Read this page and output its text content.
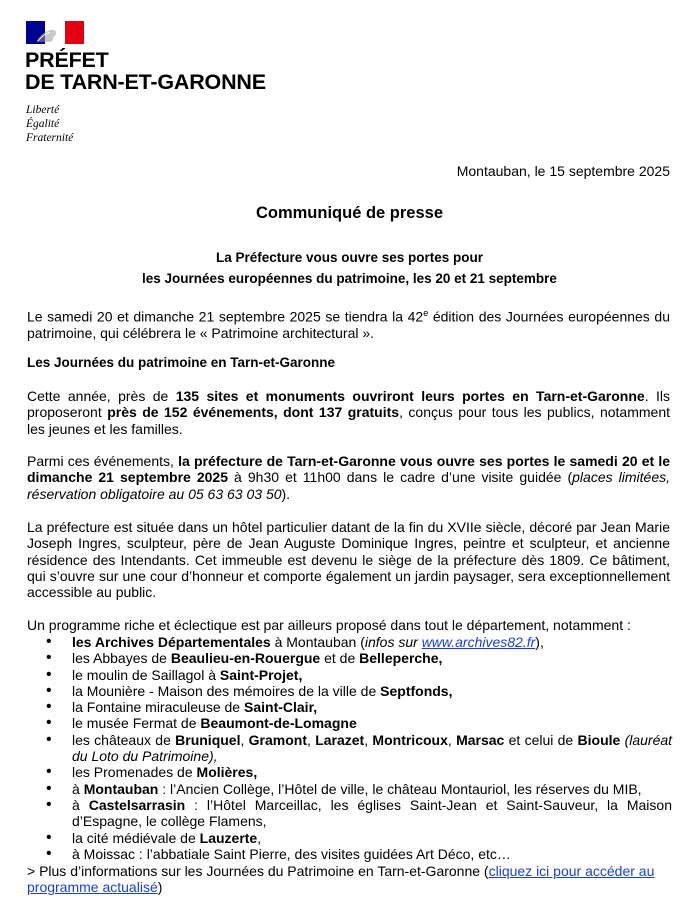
PRÉFET
DE TARN-ET-GARONNE
Liberté
Égalité
Fraternité
Montauban, le 15 septembre 2025
Communiqué de presse
La Préfecture vous ouvre ses portes pour
les Journées européennes du patrimoine, les 20 et 21 septembre
Le samedi 20 et dimanche 21 septembre 2025 se tiendra la 42e édition des Journées européennes du patrimoine, qui célébrera le « Patrimoine architectural ».
Les Journées du patrimoine en Tarn-et-Garonne
Cette année, près de 135 sites et monuments ouvriront leurs portes en Tarn-et-Garonne. Ils proposeront près de 152 événements, dont 137 gratuits, conçus pour tous les publics, notamment les jeunes et les familles.
Parmi ces événements, la préfecture de Tarn-et-Garonne vous ouvre ses portes le samedi 20 et le dimanche 21 septembre 2025 à 9h30 et 11h00 dans le cadre d’une visite guidée (places limitées, réservation obligatoire au 05 63 63 03 50).
La préfecture est située dans un hôtel particulier datant de la fin du XVIIe siècle, décoré par Jean Marie Joseph Ingres, sculpteur, père de Jean Auguste Dominique Ingres, peintre et sculpteur, et ancienne résidence des Intendants. Cet immeuble est devenu le siège de la préfecture dès 1809. Ce bâtiment, qui s’ouvre sur une cour d’honneur et comporte également un jardin paysager, sera exceptionnellement accessible au public.
Un programme riche et éclectique est par ailleurs proposé dans tout le département, notamment :
• les Archives Départementales à Montauban (infos sur www.archives82.fr),
• les Abbayes de Beaulieu-en-Rouergue et de Belleperche,
• le moulin de Saillagol à Saint-Projet,
• la Mounière - Maison des mémoires de la ville de Septfonds,
• la Fontaine miraculeuse de Saint-Clair,
• le musée Fermat de Beaumont-de-Lomagne
• les châteaux de Bruniquel, Gramont, Larazet, Montricoux, Marsac et celui de Bioule (lauréat du Loto du Patrimoine),
• les Promenades de Molières,
• à Montauban : l’Ancien Collège, l’Hôtel de ville, le château Montauriol, les réserves du MIB,
• à Castelsarrasin : l’Hôtel Marceillac, les églises Saint-Jean et Saint-Sauveur, la Maison d’Espagne, le collège Flamens,
• la cité médiévale de Lauzerte,
• à Moissac : l’abbatiale Saint Pierre, des visites guidées Art Déco, etc…
> Plus d’informations sur les Journées du Patrimoine en Tarn-et-Garonne (cliquez ici pour accéder au programme actualisé)
